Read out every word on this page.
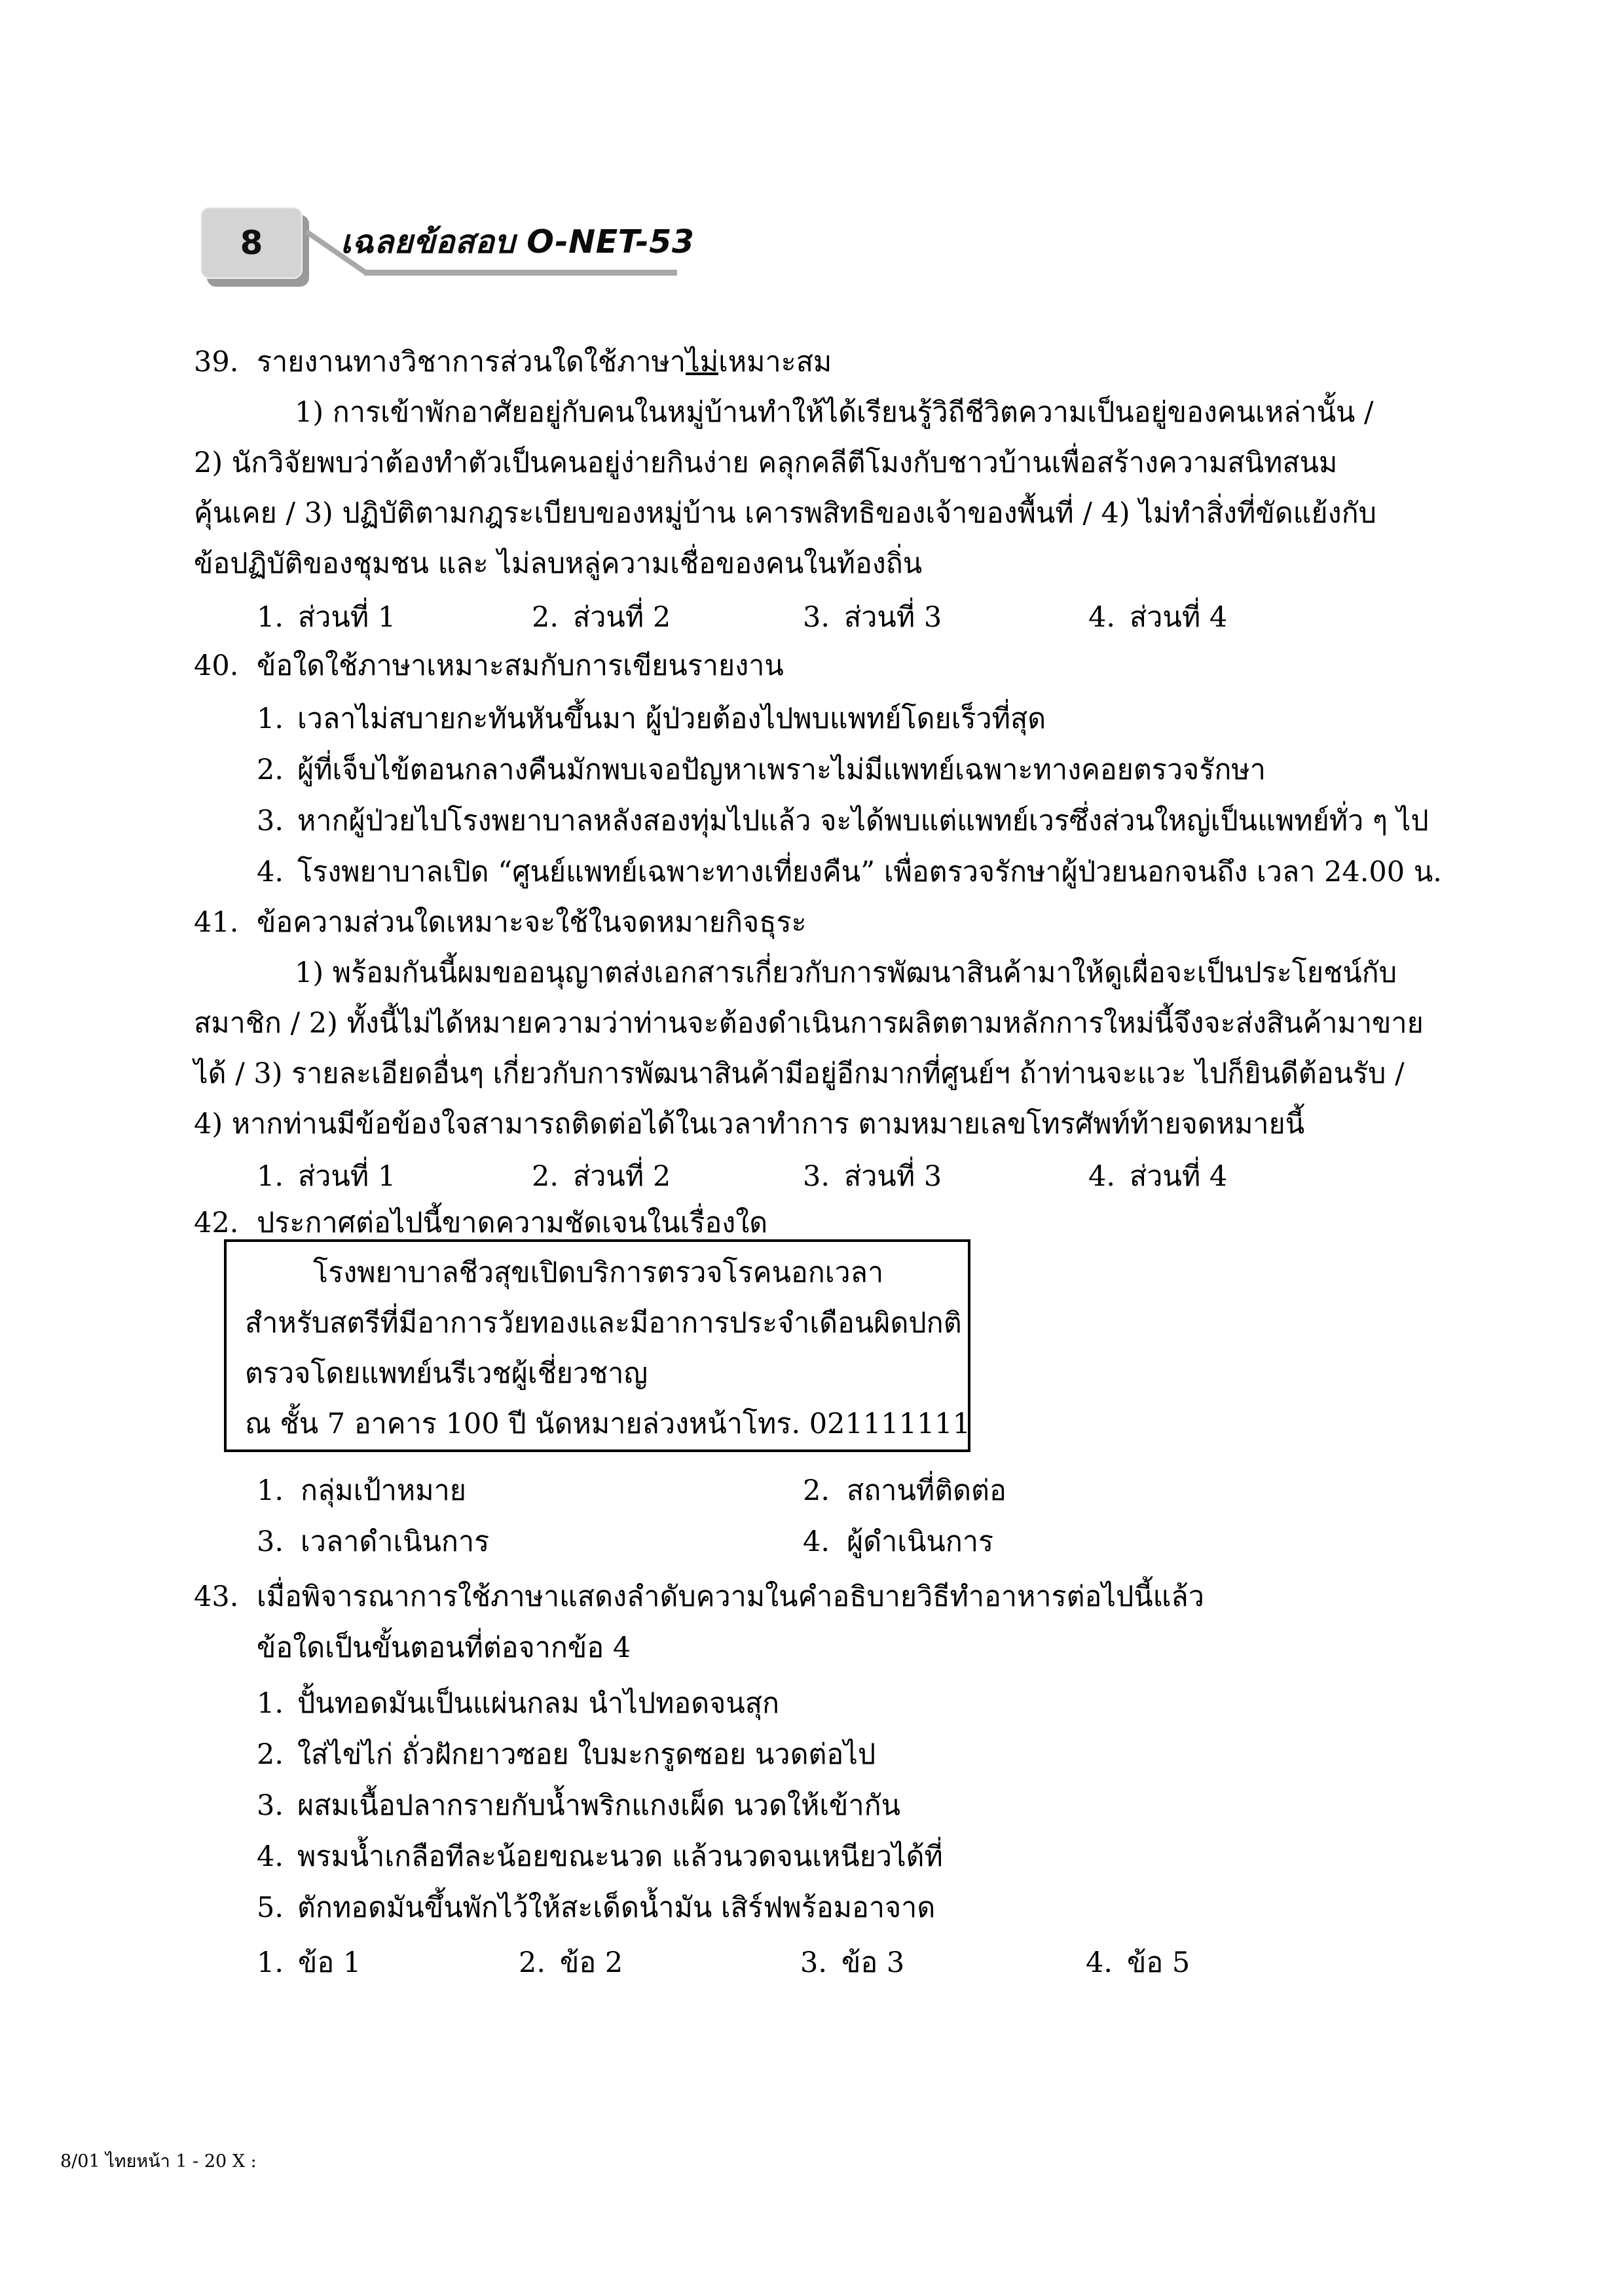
8 เฉลยข้อสอบ O-NET-53
39. รายงานทางวิชาการส่วนใดใช้ภาษาไม่เหมาะสม
1) การเข้าพักอาศัยอยู่กับคนในหมู่บ้านทำให้ได้เรียนรู้วิถีชีวิตความเป็นอยู่ของคนเหล่านั้น /
2) นักวิจัยพบว่าต้องทำตัวเป็นคนอยู่ง่ายกินง่าย คลุกคลีตีโมงกับชาวบ้านเพื่อสร้างความสนิทสนม
คุ้นเคย / 3) ปฏิบัติตามกฎระเบียบของหมู่บ้าน เคารพสิทธิของเจ้าของพื้นที่ / 4) ไม่ทำสิ่งที่ขัดแย้งกับ
ข้อปฏิบัติของชุมชน และ ไม่ลบหลู่ความเชื่อของคนในท้องถิ่น
1. ส่วนที่ 1	2. ส่วนที่ 2	3. ส่วนที่ 3	4. ส่วนที่ 4
40. ข้อใดใช้ภาษาเหมาะสมกับการเขียนรายงาน
1. เวลาไม่สบายกะทันหันขึ้นมา ผู้ป่วยต้องไปพบแพทย์โดยเร็วที่สุด
2. ผู้ที่เจ็บไข้ตอนกลางคืนมักพบเจอปัญหาเพราะไม่มีแพทย์เฉพาะทางคอยตรวจรักษา
3. หากผู้ป่วยไปโรงพยาบาลหลังสองทุ่มไปแล้ว จะได้พบแต่แพทย์เวรซึ่งส่วนใหญ่เป็นแพทย์ทั่ว ๆ ไป
4. โรงพยาบาลเปิด “ศูนย์แพทย์เฉพาะทางเที่ยงคืน” เพื่อตรวจรักษาผู้ป่วยนอกจนถึง เวลา 24.00 น.
41. ข้อความส่วนใดเหมาะจะใช้ในจดหมายกิจธุระ
1) พร้อมกันนี้ผมขออนุญาตส่งเอกสารเกี่ยวกับการพัฒนาสินค้ามาให้ดูเผื่อจะเป็นประโยชน์กับ
สมาชิก / 2) ทั้งนี้ไม่ได้หมายความว่าท่านจะต้องดำเนินการผลิตตามหลักการใหม่นี้จึงจะส่งสินค้ามาขาย
ได้ / 3) รายละเอียดอื่นๆ เกี่ยวกับการพัฒนาสินค้ามีอยู่อีกมากที่ศูนย์ฯ ถ้าท่านจะแวะ ไปก็ยินดีต้อนรับ /
4) หากท่านมีข้อข้องใจสามารถติดต่อได้ในเวลาทำการ ตามหมายเลขโทรศัพท์ท้ายจดหมายนี้
1. ส่วนที่ 1	2. ส่วนที่ 2	3. ส่วนที่ 3	4. ส่วนที่ 4
42. ประกาศต่อไปนี้ขาดความชัดเจนในเรื่องใด
โรงพยาบาลชีวสุขเปิดบริการตรวจโรคนอกเวลา
สำหรับสตรีที่มีอาการวัยทองและมีอาการประจำเดือนผิดปกติ
ตรวจโดยแพทย์นรีเวชผู้เชี่ยวชาญ
ณ ชั้น 7 อาคาร 100 ปี นัดหมายล่วงหน้าโทร. 021111111
1. กลุ่มเป้าหมาย	2. สถานที่ติดต่อ
3. เวลาดำเนินการ	4. ผู้ดำเนินการ
43. เมื่อพิจารณาการใช้ภาษาแสดงลำดับความในคำอธิบายวิธีทำอาหารต่อไปนี้แล้ว
ข้อใดเป็นขั้นตอนที่ต่อจากข้อ 4
1. ปั้นทอดมันเป็นแผ่นกลม นำไปทอดจนสุก
2. ใส่ไข่ไก่ ถั่วฝักยาวซอย ใบมะกรูดซอย นวดต่อไป
3. ผสมเนื้อปลากรายกับน้ำพริกแกงเผ็ด นวดให้เข้ากัน
4. พรมน้ำเกลือทีละน้อยขณะนวด แล้วนวดจนเหนียวได้ที่
5. ตักทอดมันขึ้นพักไว้ให้สะเด็ดน้ำมัน เสิร์ฟพร้อมอาจาด
1. ข้อ 1	2. ข้อ 2	3. ข้อ 3	4. ข้อ 5
8/01 ไทยหน้า 1 - 20 X :
